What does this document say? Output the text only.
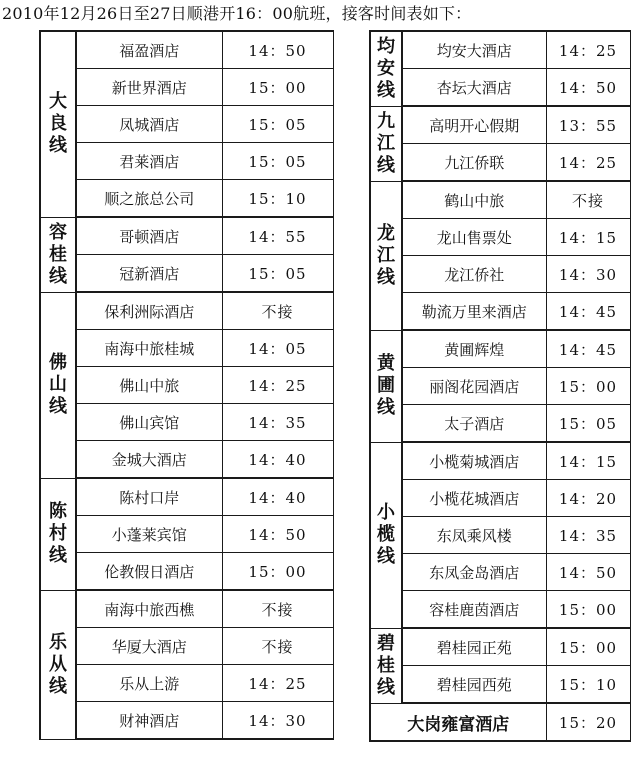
2010年12月26日至27日顺港开16：00航班，接客时间表如下：
大良线	福盈酒店	14：50
	新世界酒店	15：00
	凤城酒店	15：05
	君莱酒店	15：05
	顺之旅总公司	15：10

容桂线	哥顿酒店	14：55
	冠新酒店	15：05

佛山线	保利洲际酒店	不接
	南海中旅桂城	14：05
	佛山中旅	14：25
	佛山宾馆	14：35
	金城大酒店	14：40

陈村线	陈村口岸	14：40
	小蓬莱宾馆	14：50
	伦教假日酒店	15：00

乐从线	南海中旅西樵	不接
	华厦大酒店	不接
	乐从上游	14：25
	财神酒店	14：30
均安线	均安大酒店	14：25
	杏坛大酒店	14：50

九江线	高明开心假期	13：55
	九江侨联	14：25

龙江线	鹤山中旅	不接
	龙山售票处	14：15
	龙江侨社	14：30
	勒流万里来酒店	14：45

黄圃线	黄圃辉煌	14：45
	丽阁花园酒店	15：00
	太子酒店	15：05

小榄线	小榄菊城酒店	14：15
	小榄花城酒店	14：20
	东凤乘风楼	14：35
	东凤金岛酒店	14：50
	容桂鹿茵酒店	15：00

碧桂线	碧桂园正苑	15：00
	碧桂园西苑	15：10
大岗雍富酒店		15：20
